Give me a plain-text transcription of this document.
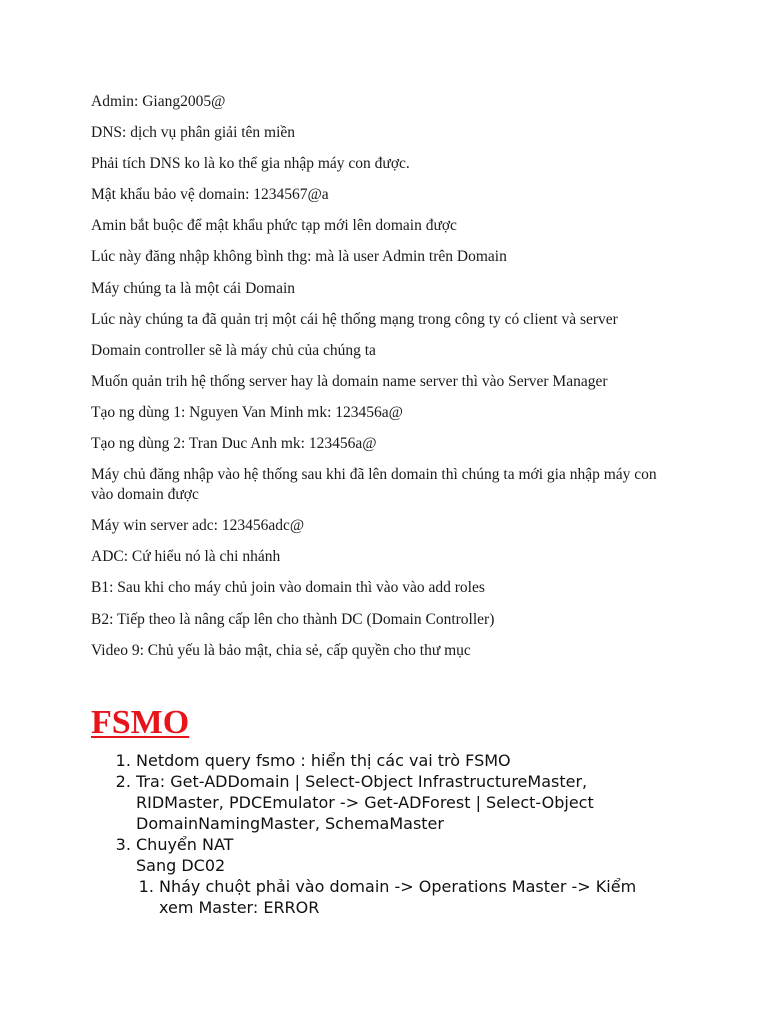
Admin: Giang2005@

DNS: dịch vụ phân giải tên miền

Phải tích DNS ko là ko thể gia nhập máy con được.

Mật khẩu bảo vệ domain: 1234567@a

Amin bắt buộc để mật khẩu phức tạp mới lên domain được

Lúc này đăng nhập không bình thg: mà là user Admin trên Domain

Máy chúng ta là một cái Domain

Lúc này chúng ta đã quản trị một cái hệ thống mạng trong công ty có client và server

Domain controller sẽ là máy chủ của chúng ta

Muốn quản trih hệ thống server hay là domain name server thì vào Server Manager

Tạo ng dùng 1: Nguyen Van Minh mk: 123456a@

Tạo ng dùng 2: Tran Duc Anh mk: 123456a@

Máy chủ đăng nhập vào hệ thống sau khi đã lên domain thì chúng ta mới gia nhập máy con vào domain được

Máy win server adc: 123456adc@

ADC: Cứ hiểu nó là chi nhánh

B1: Sau khi cho máy chủ join vào domain thì vào vào add roles

B2: Tiếp theo là nâng cấp lên cho thành DC (Domain Controller)

Video 9: Chủ yếu là bảo mật, chia sẻ, cấp quyền cho thư mục

FSMO
1. Netdom query fsmo : hiển thị các vai trò FSMO
2. Tra: Get-ADDomain | Select-Object InfrastructureMaster, RIDMaster, PDCEmulator -> Get-ADForest | Select-Object DomainNamingMaster, SchemaMaster
3. Chuyển NAT
Sang DC02
1. Nháy chuột phải vào domain -> Operations Master -> Kiểm xem Master: ERROR
